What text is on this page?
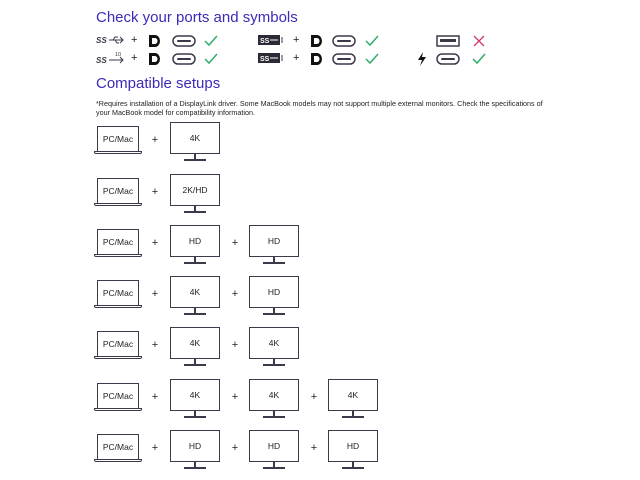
Check your ports and symbols
SS +	SS +
SS
10 +	SS +
Compatible setups

*Requires installation of a DisplayLink driver. Some MacBook models may not support multiple external monitors. Check the specifications of your MacBook model for compatibility information.

PC/Mac	+	4K
PC/Mac	+	2K/HD
PC/Mac	+	HD	+	HD
PC/Mac	+	4K	+	HD
PC/Mac	+	4K	+	4K
PC/Mac	+	4K	+	4K	+	4K
PC/Mac	+	HD	+	HD	+	HD
